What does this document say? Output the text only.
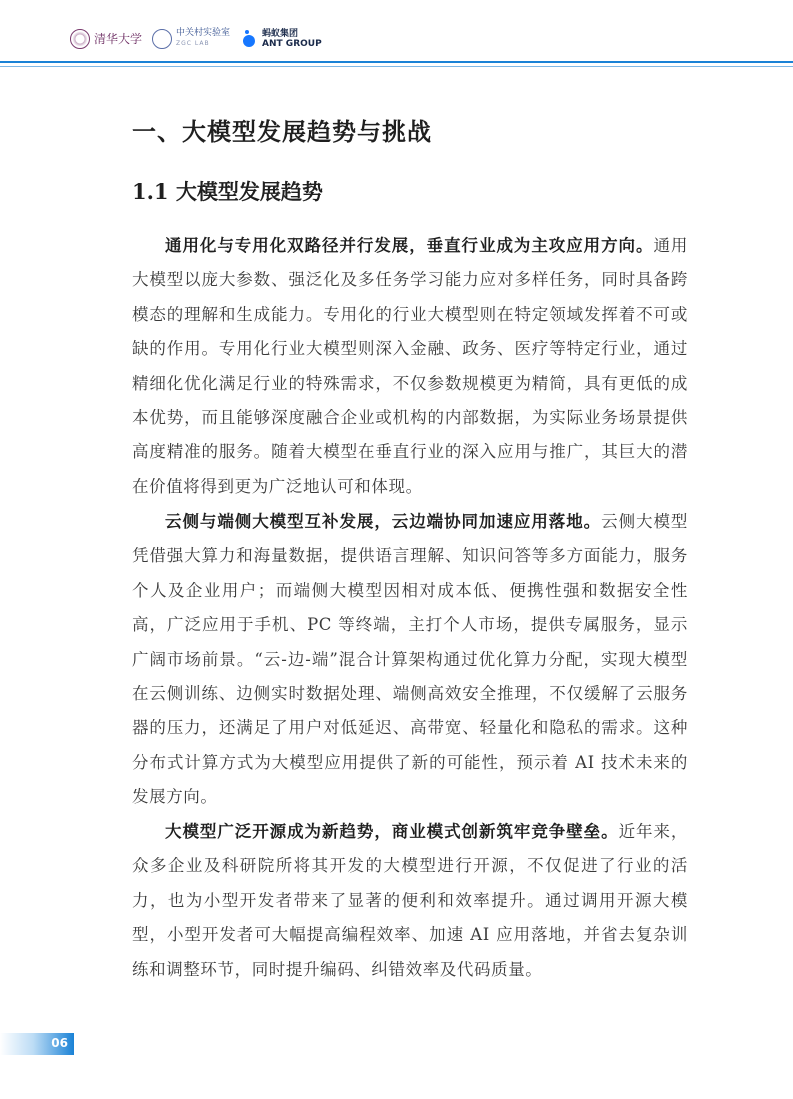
清华大学	中关村实验室
ZGC LAB
蚂蚁集团
ANT GROUP
一、大模型发展趋势与挑战
1.1 大模型发展趋势

通用化与专用化双路径并行发展，垂直行业成为主攻应用方向。通用大模型以庞大参数、强泛化及多任务学习能力应对多样任务，同时具备跨模态的理解和生成能力。专用化的行业大模型则在特定领域发挥着不可或缺的作用。专用化行业大模型则深入金融、政务、医疗等特定行业，通过精细化优化满足行业的特殊需求，不仅参数规模更为精简，具有更低的成本优势，而且能够深度融合企业或机构的内部数据，为实际业务场景提供高度精准的服务。随着大模型在垂直行业的深入应用与推广，其巨大的潜在价值将得到更为广泛地认可和体现。

云侧与端侧大模型互补发展，云边端协同加速应用落地。云侧大模型凭借强大算力和海量数据，提供语言理解、知识问答等多方面能力，服务个人及企业用户；而端侧大模型因相对成本低、便携性强和数据安全性高，广泛应用于手机、PC 等终端，主打个人市场，提供专属服务，显示广阔市场前景。“云-边-端”混合计算架构通过优化算力分配，实现大模型在云侧训练、边侧实时数据处理、端侧高效安全推理，不仅缓解了云服务器的压力，还满足了用户对低延迟、高带宽、轻量化和隐私的需求。这种分布式计算方式为大模型应用提供了新的可能性，预示着 AI 技术未来的发展方向。

大模型广泛开源成为新趋势，商业模式创新筑牢竞争壁垒。近年来，众多企业及科研院所将其开发的大模型进行开源，不仅促进了行业的活力，也为小型开发者带来了显著的便利和效率提升。通过调用开源大模型，小型开发者可大幅提高编程效率、加速 AI 应用落地，并省去复杂训练和调整环节，同时提升编码、纠错效率及代码质量。

06
